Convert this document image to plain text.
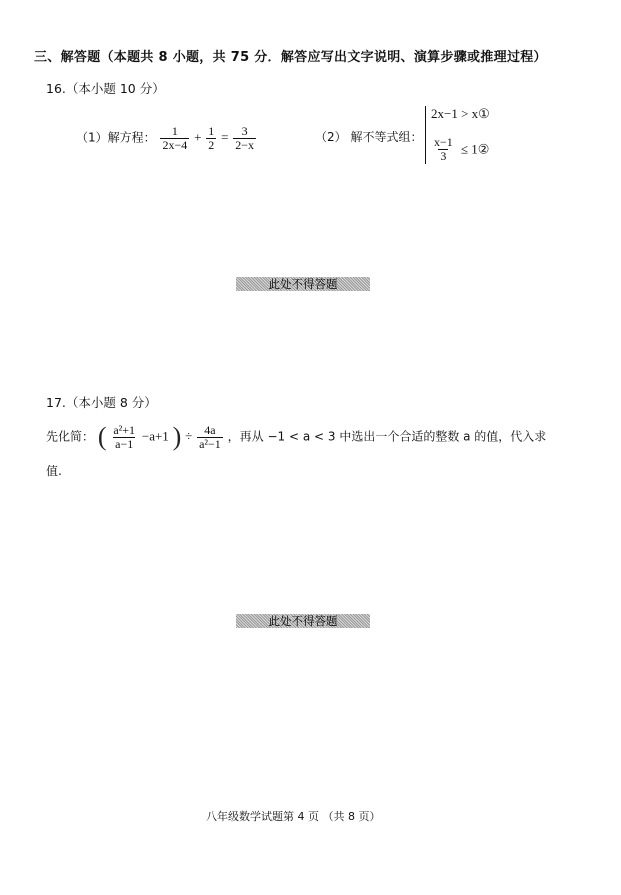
三、解答题（本题共 8 小题，共 75 分．解答应写出文字说明、演算步骤或推理过程）
16.（本小题 10 分）
（1）解方程： $\frac{1}{2x-4} + \frac{1}{2} = \frac{3}{2-x}$	（2） 解不等式组：
2x−1 > x①
$\frac{x-1}{3}$ ≤ 1②
此处不得答题
17.（本小题 8 分）
先化简： ( $\frac{\text{a²+1}}{a-1} -a+1$ ) ÷ $\frac{4a}{\text{a²−1}}$ ，再从 −1 < a < 3 中选出一个合适的整数 a 的值，代入求
值.
此处不得答题
八年级数学试题第 4 页 （共 8 页）
